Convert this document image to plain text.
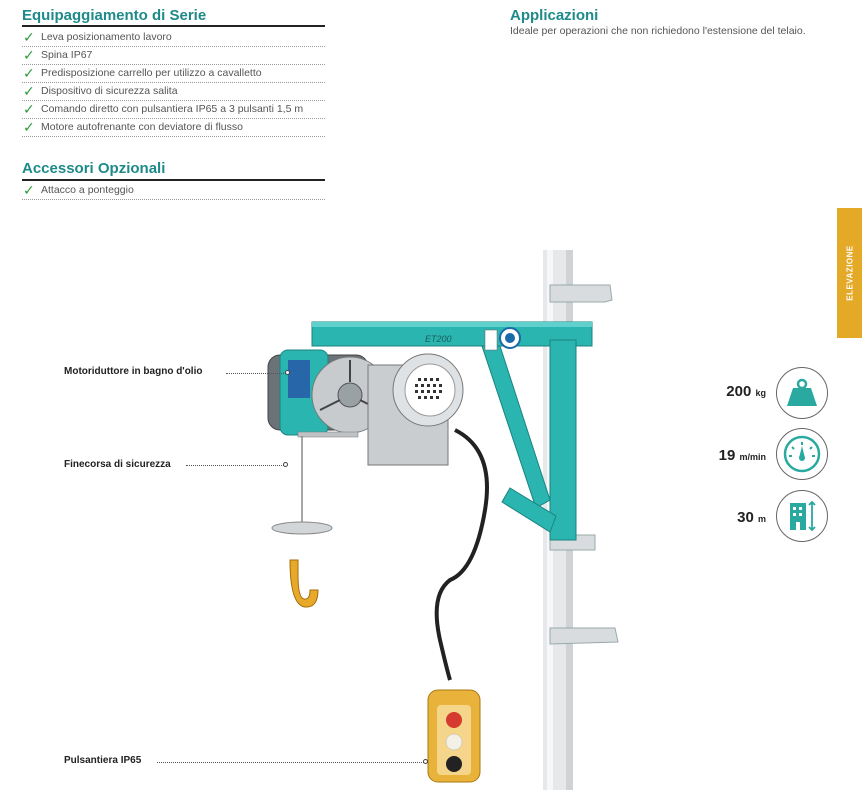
Equipaggiamento di Serie
✓ Leva posizionamento lavoro
✓ Spina IP67
✓ Predisposizione carrello per utilizzo a cavalletto
✓ Dispositivo di sicurezza salita
✓ Comando diretto con pulsantiera IP65 a 3 pulsanti 1,5 m
✓ Motore autofrenante con deviatore di flusso
Accessori Opzionali
✓ Attacco a ponteggio
Applicazioni
Ideale per operazioni che non richiedono l'estensione del telaio.
ELEVAZIONE
ET200
Motoriduttore in bagno d'olio
Finecorsa di sicurezza
Pulsantiera IP65
200 kg
19 m/min
30 m
